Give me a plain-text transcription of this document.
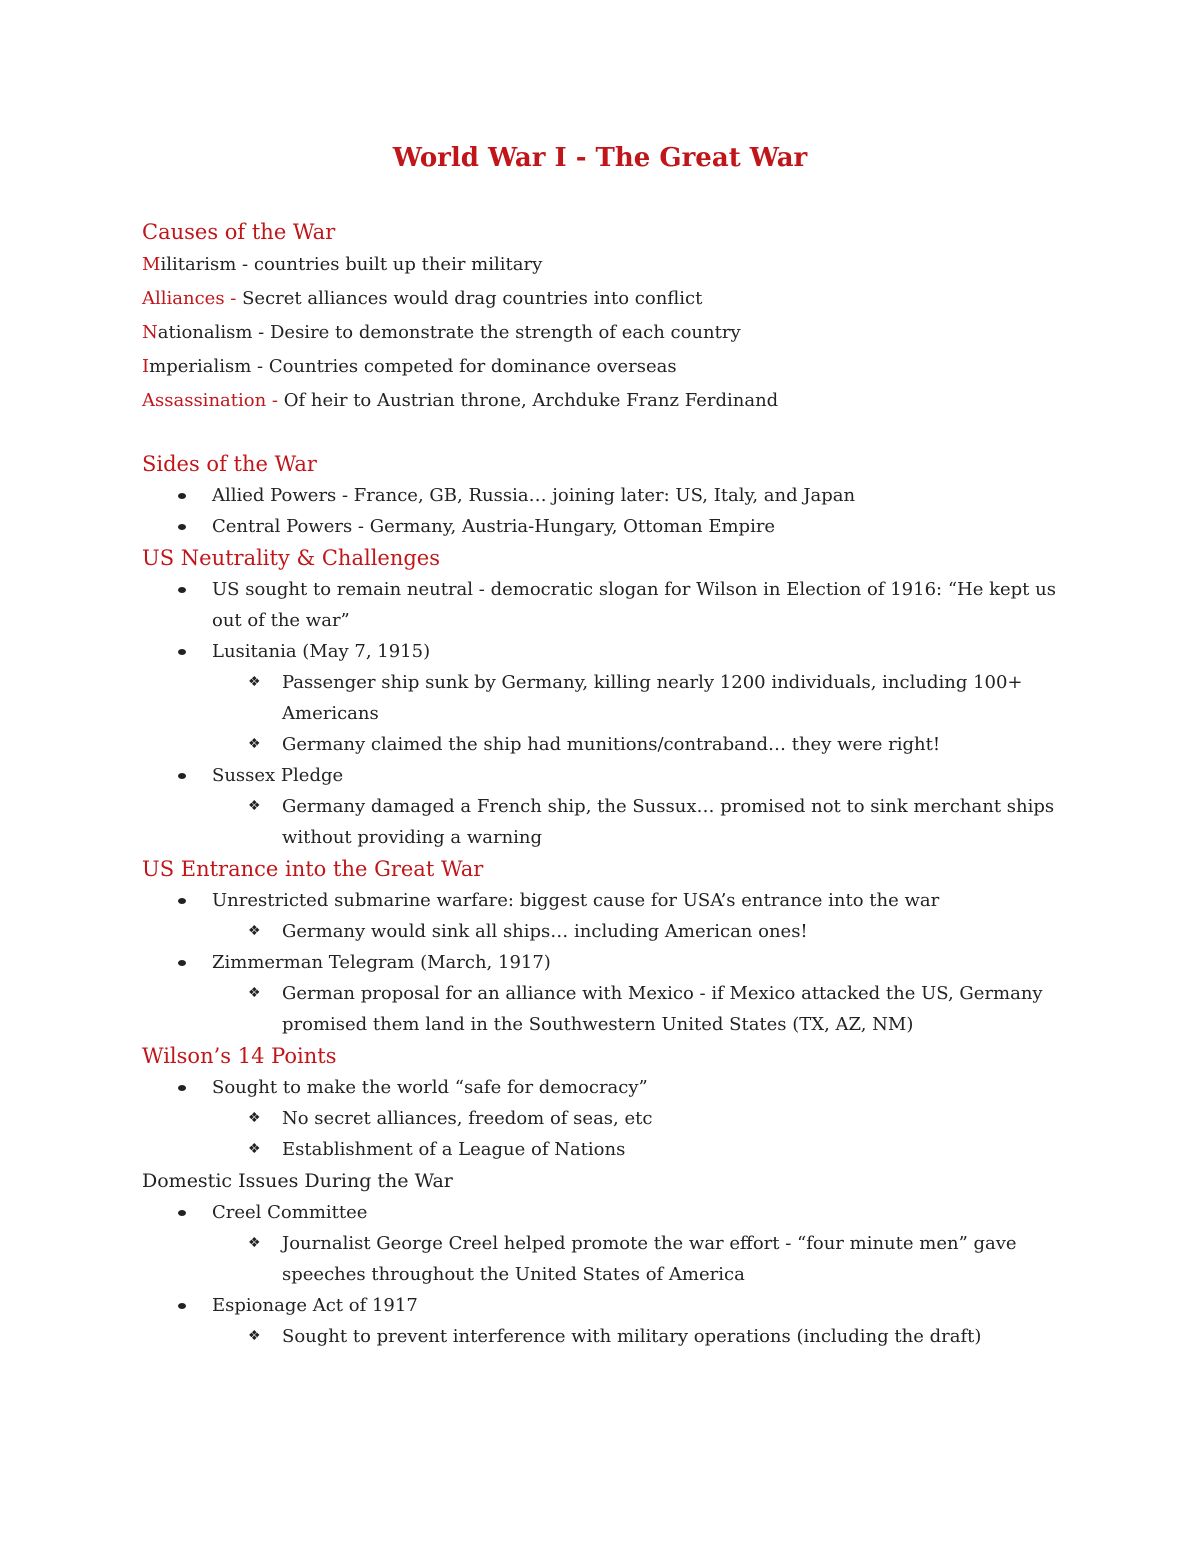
World War I - The Great War

Causes of the War

Militarism - countries built up their military

Alliances - Secret alliances would drag countries into conflict

Nationalism - Desire to demonstrate the strength of each country

Imperialism - Countries competed for dominance overseas

Assassination - Of heir to Austrian throne, Archduke Franz Ferdinand

Sides of the War

Allied Powers - France, GB, Russia… joining later: US, Italy, and Japan
Central Powers - Germany, Austria-Hungary, Ottoman Empire

US Neutrality & Challenges

US sought to remain neutral - democratic slogan for Wilson in Election of 1916: “He kept us out of the war”
Lusitania (May 7, 1915)
❖ Passenger ship sunk by Germany, killing nearly 1200 individuals, including 100+ Americans
❖ Germany claimed the ship had munitions/contraband… they were right!
Sussex Pledge
❖ Germany damaged a French ship, the Sussux… promised not to sink merchant ships without providing a warning

US Entrance into the Great War

Unrestricted submarine warfare: biggest cause for USA’s entrance into the war
❖ Germany would sink all ships… including American ones!
Zimmerman Telegram (March, 1917)
❖ German proposal for an alliance with Mexico - if Mexico attacked the US, Germany promised them land in the Southwestern United States (TX, AZ, NM)

Wilson’s 14 Points

Sought to make the world “safe for democracy”
❖ No secret alliances, freedom of seas, etc
❖ Establishment of a League of Nations

Domestic Issues During the War

Creel Committee
❖ Journalist George Creel helped promote the war effort - “four minute men” gave speeches throughout the United States of America
Espionage Act of 1917
❖ Sought to prevent interference with military operations (including the draft)
